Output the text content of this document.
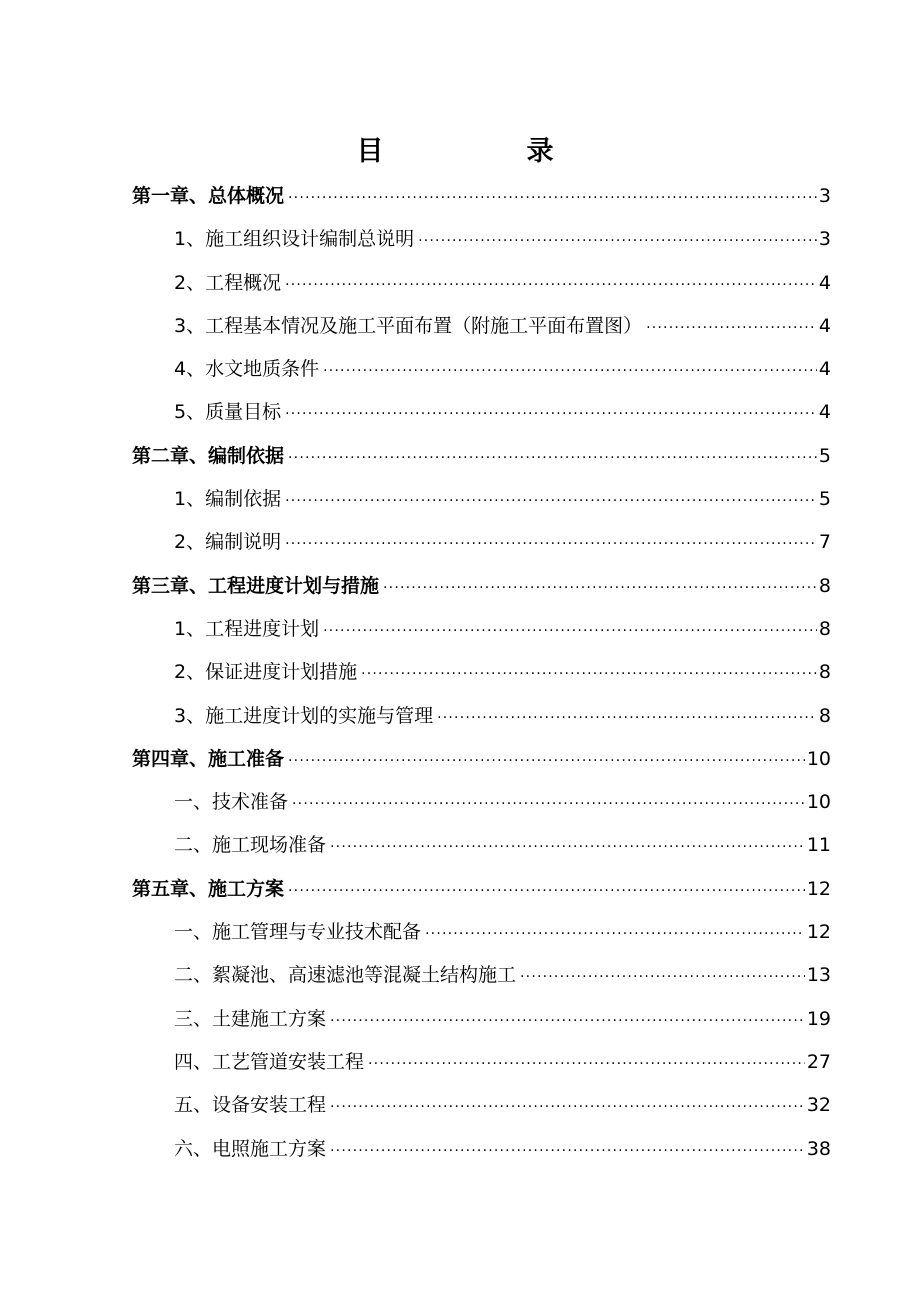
目　录
第一章、总体概况 ·····	3
1、施工组织设计编制总说明 ·····	3
2、工程概况 ·····	4
3、工程基本情况及施工平面布置（附施工平面布置图） ·····	4
4、水文地质条件 ·····	4
5、质量目标 ·····	4
第二章、编制依据 ·····	5
1、编制依据 ·····	5
2、编制说明 ·····	7
第三章、工程进度计划与措施 ·····	8
1、工程进度计划 ·····	8
2、保证进度计划措施 ·····	8
3、施工进度计划的实施与管理 ·····	8
第四章、施工准备 ·····	10
一、技术准备 ·····	10
二、施工现场准备 ·····	11
第五章、施工方案 ·····	12
一、施工管理与专业技术配备 ·····	12
二、絮凝池、高速滤池等混凝土结构施工 ·····	13
三、土建施工方案 ·····	19
四、工艺管道安装工程 ·····	27
五、设备安装工程 ·····	32
六、电照施工方案 ·····	38
